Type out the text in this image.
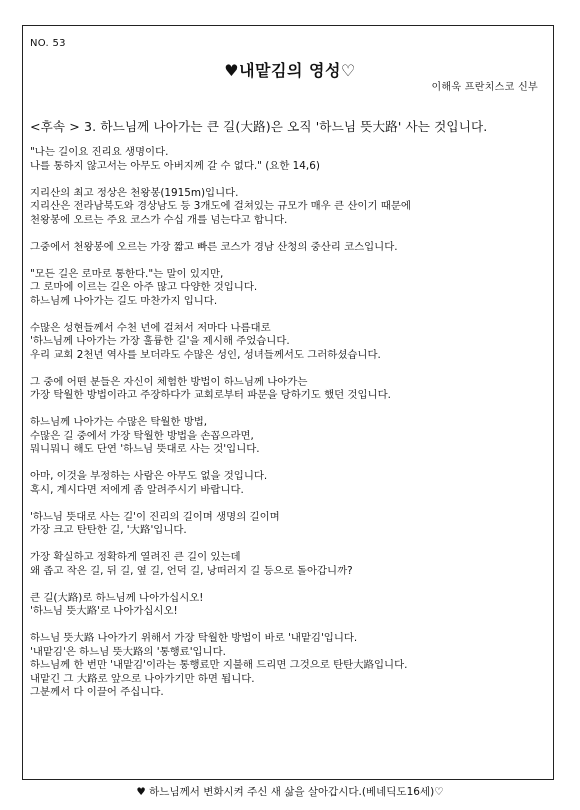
NO. 53
♥내맡김의 영성♡
이해욱 프란치스코 신부
<후속 > 3. 하느님께 나아가는 큰 길(大路)은 오직 '하느님 뜻大路' 사는 것입니다.
"나는 길이요 진리요 생명이다.
나를 통하지 않고서는 아무도 아버지께 갈 수 없다." (요한 14,6)
지리산의 최고 정상은 천왕봉(1915m)입니다.
지리산은 전라남북도와 경상남도 등 3개도에 걸쳐있는 규모가 매우 큰 산이기 때문에
천왕봉에 오르는 주요 코스가 수십 개를 넘는다고 합니다.
그중에서 천왕봉에 오르는 가장 짧고 빠른 코스가 경남 산청의 중산리 코스입니다.
"모든 길은 로마로 통한다."는 말이 있지만,
그 로마에 이르는 길은 아주 많고 다양한 것입니다.
하느님께 나아가는 길도 마찬가지 입니다.
수많은 성현들께서 수천 년에 걸쳐서 저마다 나름대로
'하느님께 나아가는 가장 훌륭한 길'을 제시해 주었습니다.
우리 교회 2천년 역사를 보더라도 수많은 성인, 성녀들께서도 그러하셨습니다.
그 중에 어떤 분들은 자신이 체험한 방법이 하느님께 나아가는
가장 탁월한 방법이라고 주장하다가 교회로부터 파문을 당하기도 했던 것입니다.
하느님께 나아가는 수많은 탁월한 방법,
수많은 길 중에서 가장 탁월한 방법을 손꼽으라면,
뭐니뭐니 해도 단연 '하느님 뜻대로 사는 것'입니다.
아마, 이것을 부정하는 사람은 아무도 없을 것입니다.
혹시, 계시다면 저에게 좀 알려주시기 바랍니다.
'하느님 뜻대로 사는 길'이 진리의 길이며 생명의 길이며
가장 크고 탄탄한 길, '大路'입니다.
가장 확실하고 정확하게 열려진 큰 길이 있는데
왜 좁고 작은 길, 뒤 길, 옆 길, 언덕 길, 낭떠러지 길 등으로 돌아갑니까?
큰 길(大路)로 하느님께 나아가십시오!
'하느님 뜻大路'로 나아가십시오!
하느님 뜻大路 나아가기 위해서 가장 탁월한 방법이 바로 '내맡김'입니다.
'내맡김'은 하느님 뜻大路의 '통행료'입니다.
하느님께 한 번만 '내맡김'이라는 통행료만 지불해 드리면 그것으로 탄탄大路입니다.
내맡긴 그 大路로 앞으로 나아가기만 하면 됩니다.
그분께서 다 이끌어 주십니다.
♥ 하느님께서 변화시켜 주신 새 삶을 살아갑시다.(베네딕도16세)♡
